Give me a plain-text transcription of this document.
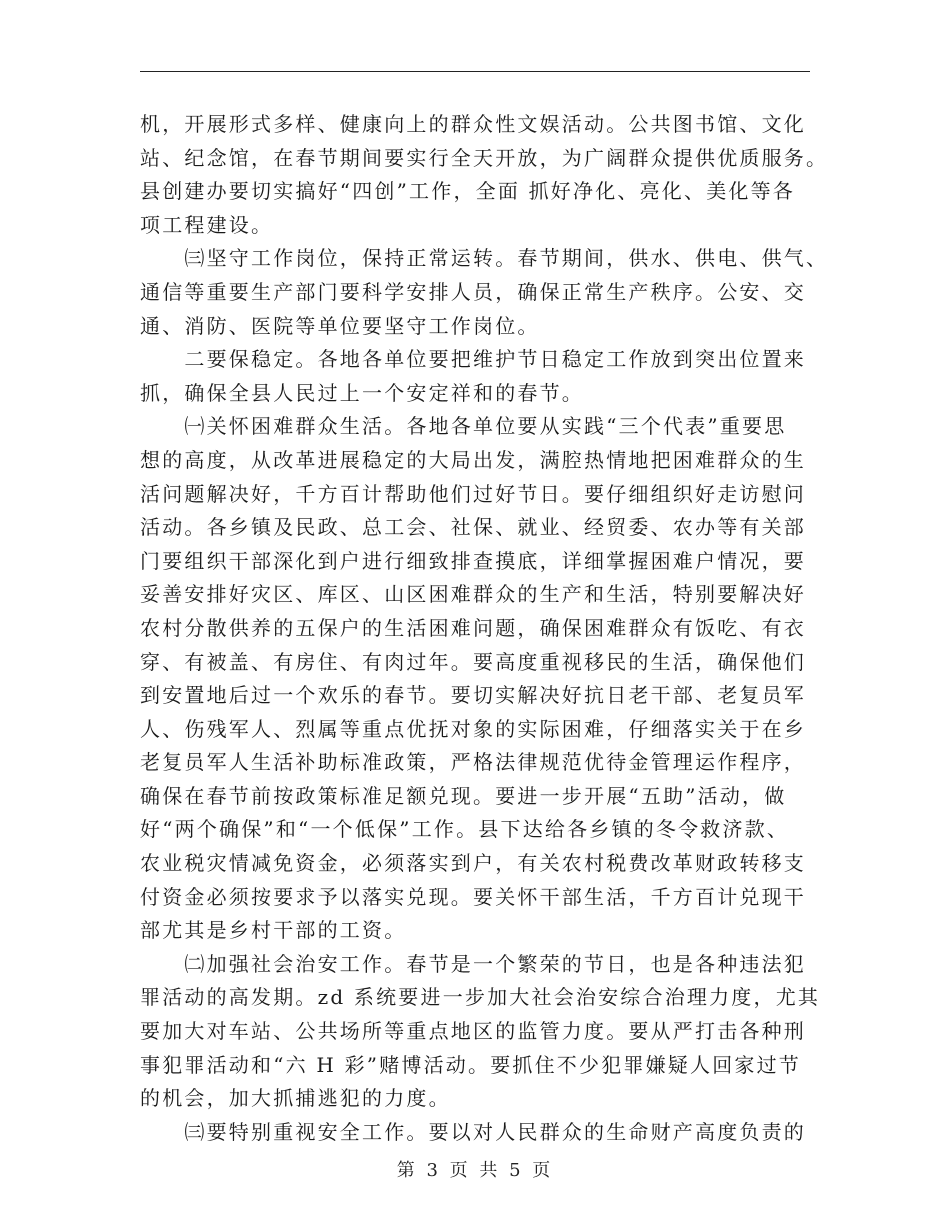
机，开展形式多样、健康向上的群众性文娱活动。公共图书馆、文化
站、纪念馆，在春节期间要实行全天开放，为广阔群众提供优质服务。
县创建办要切实搞好“四创”工作，全面 抓好净化、亮化、美化等各
项工程建设。
　　㈢坚守工作岗位，保持正常运转。春节期间，供水、供电、供气、
通信等重要生产部门要科学安排人员，确保正常生产秩序。公安、交
通、消防、医院等单位要坚守工作岗位。
　　二要保稳定。各地各单位要把维护节日稳定工作放到突出位置来
抓，确保全县人民过上一个安定祥和的春节。
　　㈠关怀困难群众生活。各地各单位要从实践“三个代表”重要思
想的高度，从改革进展稳定的大局出发，满腔热情地把困难群众的生
活问题解决好，千方百计帮助他们过好节日。要仔细组织好走访慰问
活动。各乡镇及民政、总工会、社保、就业、经贸委、农办等有关部
门要组织干部深化到户进行细致排查摸底，详细掌握困难户情况，要
妥善安排好灾区、库区、山区困难群众的生产和生活，特别要解决好
农村分散供养的五保户的生活困难问题，确保困难群众有饭吃、有衣
穿、有被盖、有房住、有肉过年。要高度重视移民的生活，确保他们
到安置地后过一个欢乐的春节。要切实解决好抗日老干部、老复员军
人、伤残军人、烈属等重点优抚对象的实际困难，仔细落实关于在乡
老复员军人生活补助标准政策，严格法律规范优待金管理运作程序，
确保在春节前按政策标准足额兑现。要进一步开展“五助”活动，做
好“两个确保”和“一个低保”工作。县下达给各乡镇的冬令救济款、
农业税灾情减免资金，必须落实到户，有关农村税费改革财政转移支
付资金必须按要求予以落实兑现。要关怀干部生活，千方百计兑现干
部尤其是乡村干部的工资。
　　㈡加强社会治安工作。春节是一个繁荣的节日，也是各种违法犯
罪活动的高发期。zd 系统要进一步加大社会治安综合治理力度，尤其
要加大对车站、公共场所等重点地区的监管力度。要从严打击各种刑
事犯罪活动和“六 H 彩”赌博活动。要抓住不少犯罪嫌疑人回家过节
的机会，加大抓捕逃犯的力度。
　　㈢要特别重视安全工作。要以对人民群众的生命财产高度负责的
第 3 页 共 5 页
